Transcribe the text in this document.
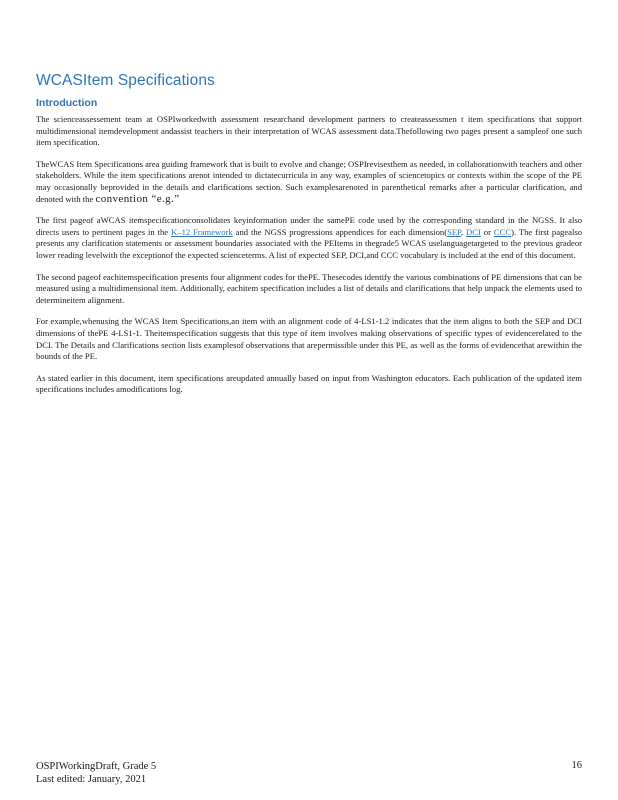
WCASItem Specifications
Introduction

The scienceassessement team at OSPIworkedwith assessment researchand development partners to createassessmen t item specifications that support multidimensional itemdevelopment andassist teachers in their interpretation of WCAS assessment data.Thefollowing two pages present a sampleof one such item specification.

TheWCAS Item Specifications area guiding framework that is built to evolve and change; OSPIrevisesthem as needed, in collaborationwith teachers and other stakeholders. While the item specifications arenot intended to dictatecurricula in any way, examples of sciencetopics or contexts within the scope of the PE may occasionally beprovided in the details and clarifications section. Such examplesarenoted in parenthetical remarks after a particular clarification, and denoted with the convention “e.g.”

The first pageof aWCAS itemspecificationconsolidates keyinformation under the samePE code used by the corresponding standard in the NGSS. It also directs users to pertinent pages in the K–12 Framework and the NGSS progressions appendices for each dimension(SEP, DCI or CCC). The first pagealso presents any clarification statements or assessment boundaries associated with the PEItems in thegrade5 WCAS uselanguagetargeted to the previous gradeor lower reading levelwith the exceptionof the expected scienceterms. A list of expected SEP, DCI,and CCC vocabulary is included at the end of this document.

The second pageof eachitemspecification presents four alignment codes for thePE. Thesecodes identify the various combinations of PE dimensions that can be measured using a multidimensional item. Additionally, eachitem specification includes a list of details and clarifications that help unpack the elements used to determineitem alignment.

For example,whenusing the WCAS Item Specifications,an item with an alignment code of 4-LS1-1.2 indicates that the item aligns to both the SEP and DCI dimensions of thePE 4-LS1-1. Theitemspecification suggests that this type of item involves making observations of specific types of evidencerelated to the DCI. The Details and Clarifications section lists examplesof observations that arepermissible under this PE, as well as the forms of evidencethat arewithin the bounds of the PE.

As stated earlier in this document, item specifications areupdated annually based on input from Washington educators. Each publication of the updated item specifications includes amodifications log.

OSPIWorkingDraft, Grade 5
Last edited: January, 2021
16
